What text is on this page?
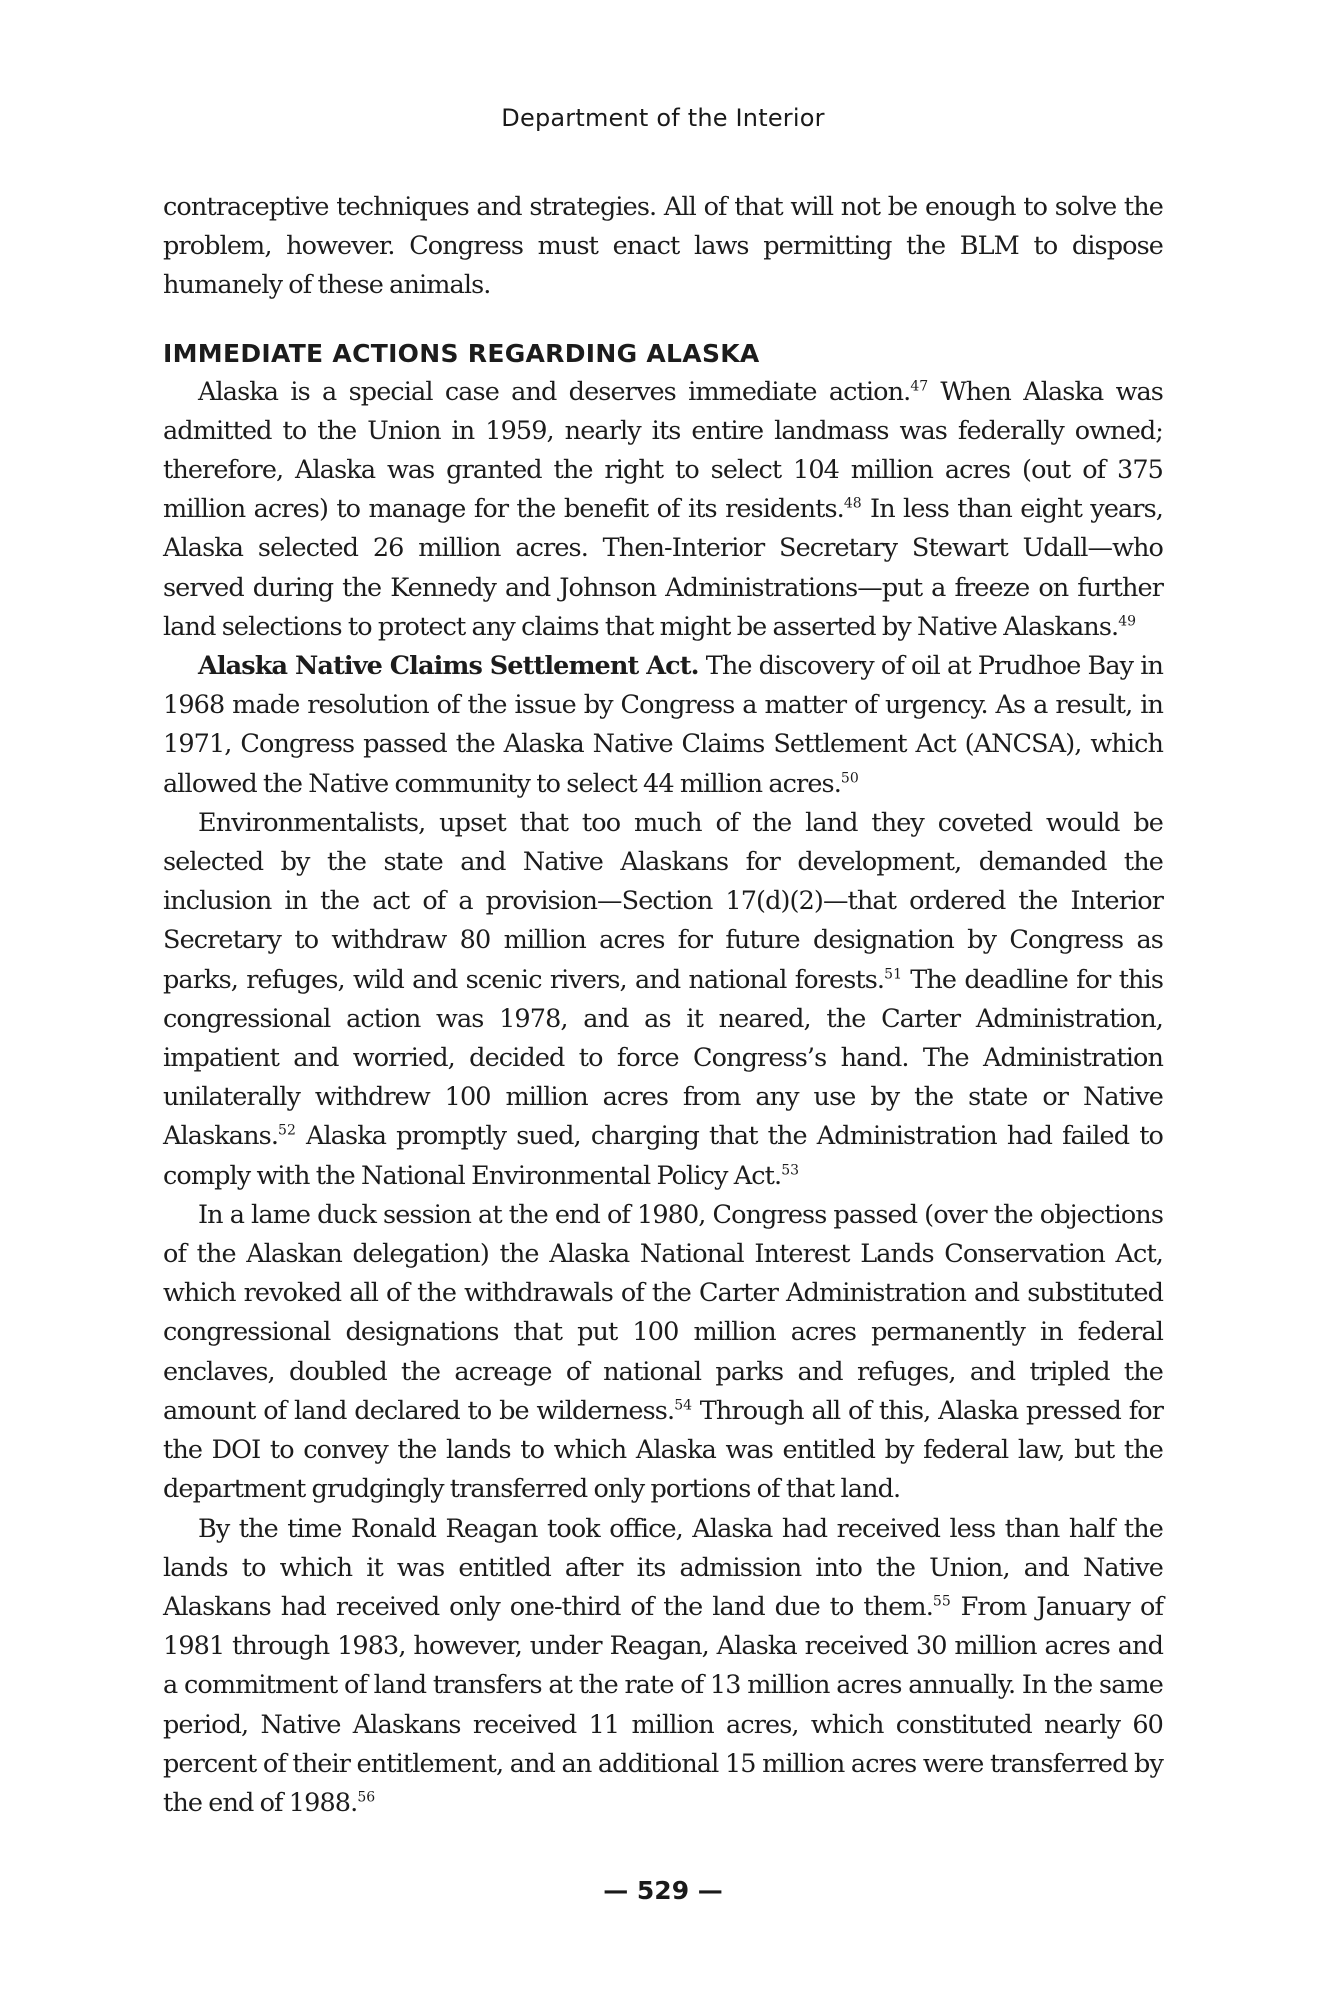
Department of the Interior

contraceptive techniques and strategies. All of that will not be enough to solve the problem, however. Congress must enact laws permitting the BLM to dispose humanely of these animals.

IMMEDIATE ACTIONS REGARDING ALASKA

Alaska is a special case and deserves immediate action.$^{47}$ When Alaska was admitted to the Union in 1959, nearly its entire landmass was federally owned; therefore, Alaska was granted the right to select 104 million acres (out of 375 million acres) to manage for the benefit of its residents.$^{48}$ In less than eight years, Alaska selected 26 million acres. Then-Interior Secretary Stewart Udall—who served during the Kennedy and Johnson Administrations—put a freeze on further land selections to protect any claims that might be asserted by Native Alaskans.$^{49}$

Alaska Native Claims Settlement Act. The discovery of oil at Prudhoe Bay in 1968 made resolution of the issue by Congress a matter of urgency. As a result, in 1971, Congress passed the Alaska Native Claims Settlement Act (ANCSA), which allowed the Native community to select 44 million acres.$^{50}$

Environmentalists, upset that too much of the land they coveted would be selected by the state and Native Alaskans for development, demanded the inclusion in the act of a provision—Section 17(d)(2)—that ordered the Interior Secretary to withdraw 80 million acres for future designation by Congress as parks, refuges, wild and scenic rivers, and national forests.$^{51}$ The deadline for this congressional action was 1978, and as it neared, the Carter Administration, impatient and worried, decided to force Congress’s hand. The Administration unilaterally withdrew 100 million acres from any use by the state or Native Alaskans.$^{52}$ Alaska promptly sued, charging that the Administration had failed to comply with the National Environmental Policy Act.$^{53}$

In a lame duck session at the end of 1980, Congress passed (over the objections of the Alaskan delegation) the Alaska National Interest Lands Conservation Act, which revoked all of the withdrawals of the Carter Administration and substituted congressional designations that put 100 million acres permanently in federal enclaves, doubled the acreage of national parks and refuges, and tripled the amount of land declared to be wilderness.$^{54}$ Through all of this, Alaska pressed for the DOI to convey the lands to which Alaska was entitled by federal law, but the department grudgingly transferred only portions of that land.

By the time Ronald Reagan took office, Alaska had received less than half the lands to which it was entitled after its admission into the Union, and Native Alaskans had received only one-third of the land due to them.$^{55}$ From January of 1981 through 1983, however, under Reagan, Alaska received 30 million acres and a commitment of land transfers at the rate of 13 million acres annually. In the same period, Native Alaskans received 11 million acres, which constituted nearly 60 percent of their entitlement, and an additional 15 million acres were transferred by the end of 1988.56

— 529 —
